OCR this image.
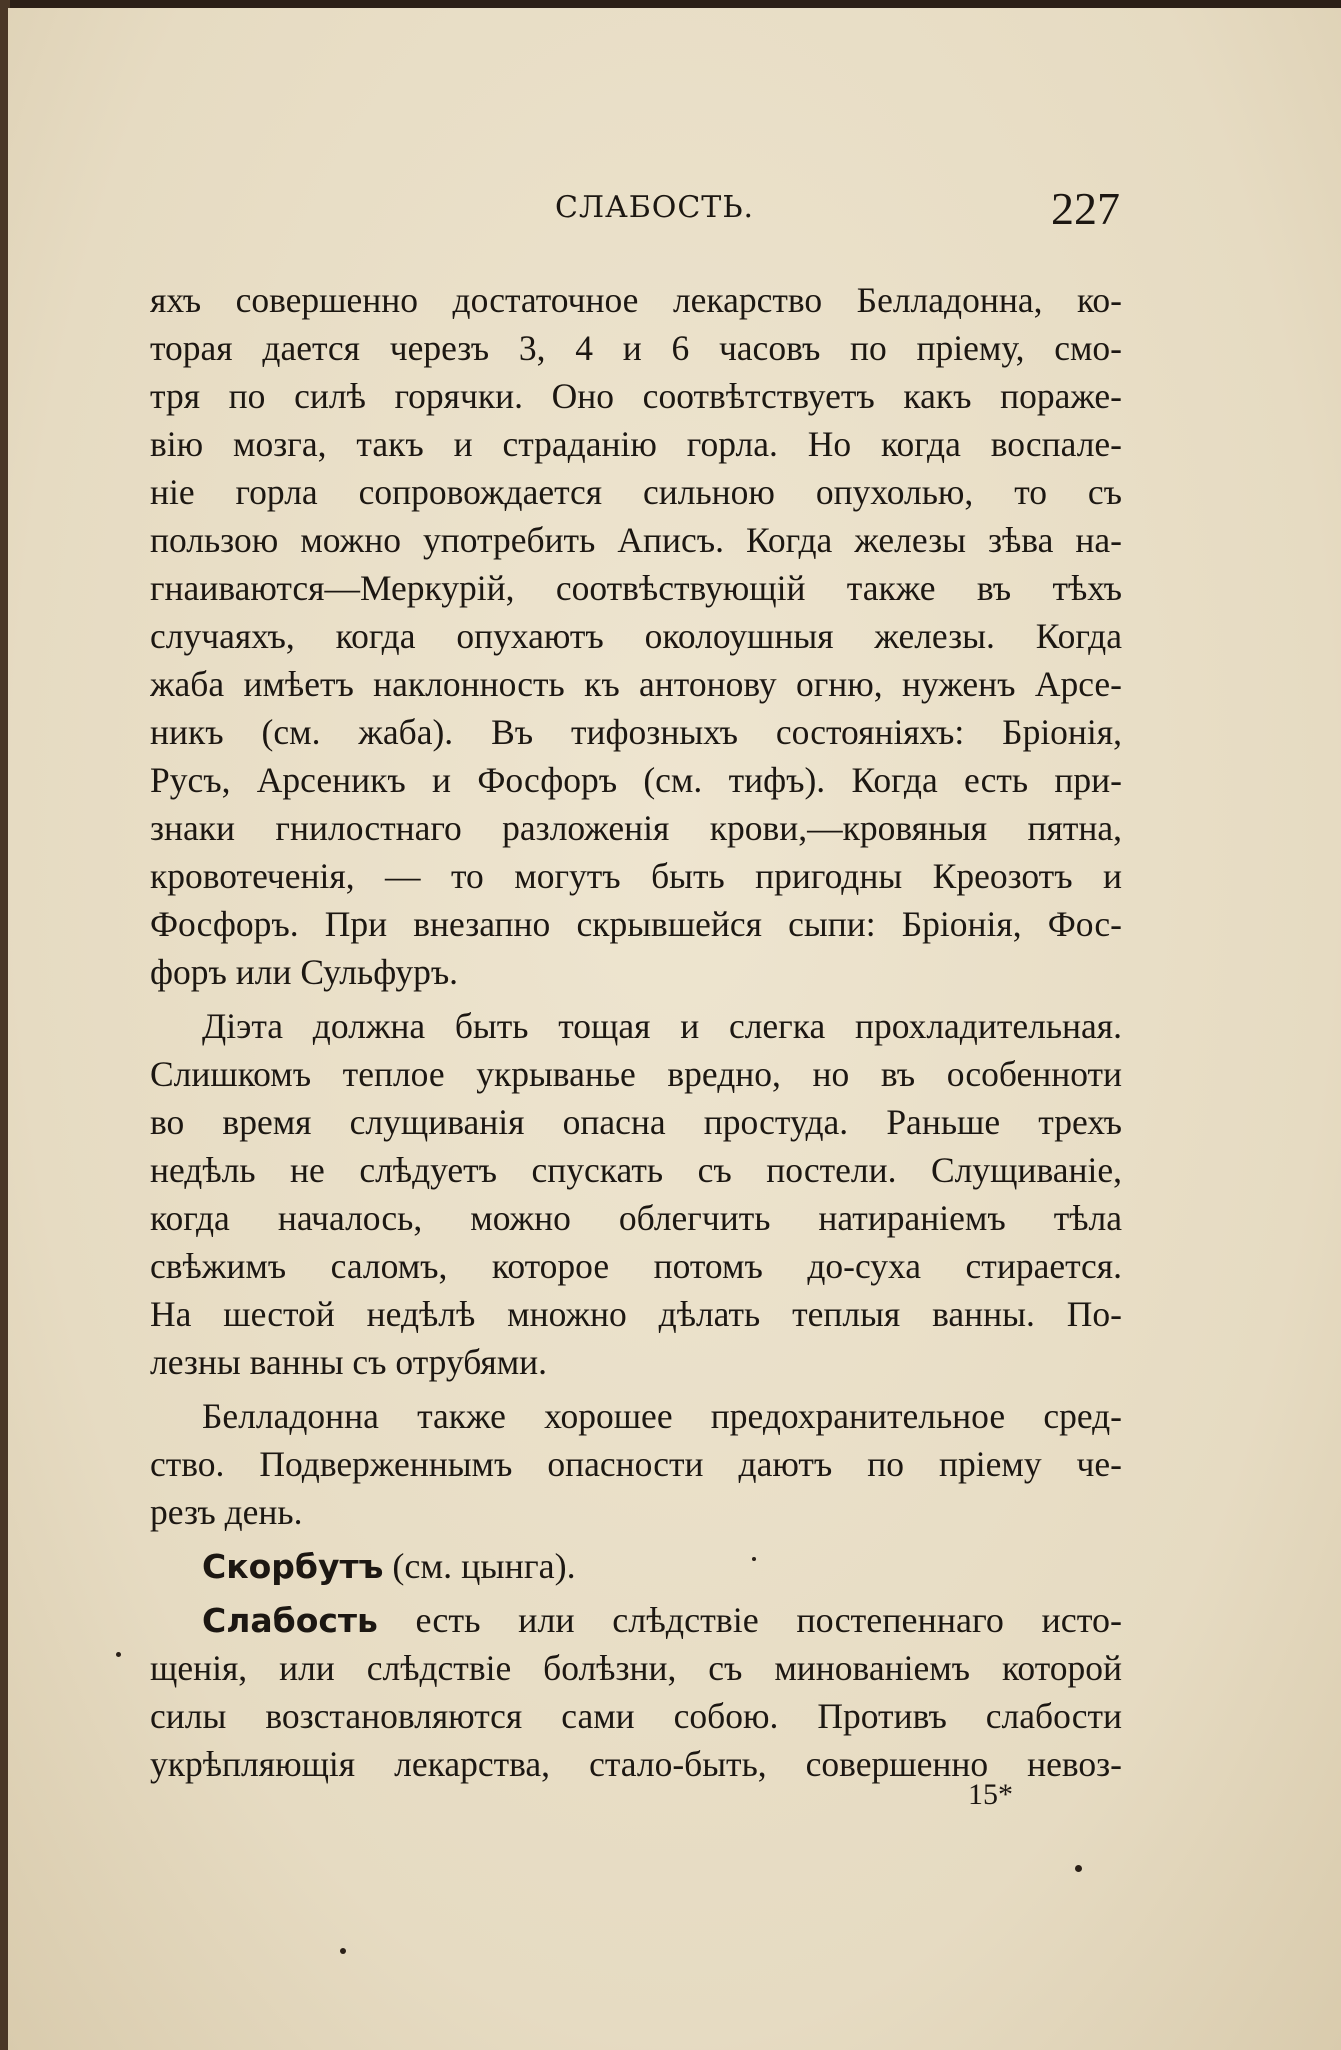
СЛАБОСТЬ.	227
яхъ совершенно достаточное лекарство Белладонна, ко-
торая дается черезъ 3, 4 и 6 часовъ по пріему, смо-
тря по силѣ горячки. Оно соотвѣтствуетъ какъ пораже-
вію мозга, такъ и страданію горла. Но когда воспале-
ніе горла сопровождается сильною опухолью, то съ
пользою можно употребить Аписъ. Когда железы зѣва на-
гнаиваются—Меркурій, соотвѣствующій также въ тѣхъ
случаяхъ, когда опухаютъ околоушныя железы. Когда
жаба имѣетъ наклонность къ антонову огню, нуженъ Арсе-
никъ (см. жаба). Въ тифозныхъ состояніяхъ: Бріонія,
Русъ, Арсеникъ и Фосфоръ (см. тифъ). Когда есть при-
знаки гнилостнаго разложенія крови,—кровяныя пятна,
кровотеченія, — то могутъ быть пригодны Креозотъ и
Фосфоръ. При внезапно скрывшейся сыпи: Бріонія, Фос-
форъ или Сульфуръ.
Діэта должна быть тощая и слегка прохладительная.
Слишкомъ теплое укрыванье вредно, но въ особенноти
во время слущиванія опасна простуда. Раньше трехъ
недѣль не слѣдуетъ спускать съ постели. Слущиваніе,
когда началось, можно облегчить натираніемъ тѣла
свѣжимъ саломъ, которое потомъ до-суха стирается.
На шестой недѣлѣ множно дѣлать теплыя ванны. По-
лезны ванны съ отрубями.
Белладонна также хорошее предохранительное сред-
ство. Подверженнымъ опасности даютъ по пріему че-
резъ день.
Скорбутъ (см. цынга).
Слабость есть или слѣдствіе постепеннаго исто-
щенія, или слѣдствіе болѣзни, съ минованіемъ которой
силы возстановляются сами собою. Противъ слабости
укрѣпляющія лекарства, стало-быть, совершенно невоз-
15*
